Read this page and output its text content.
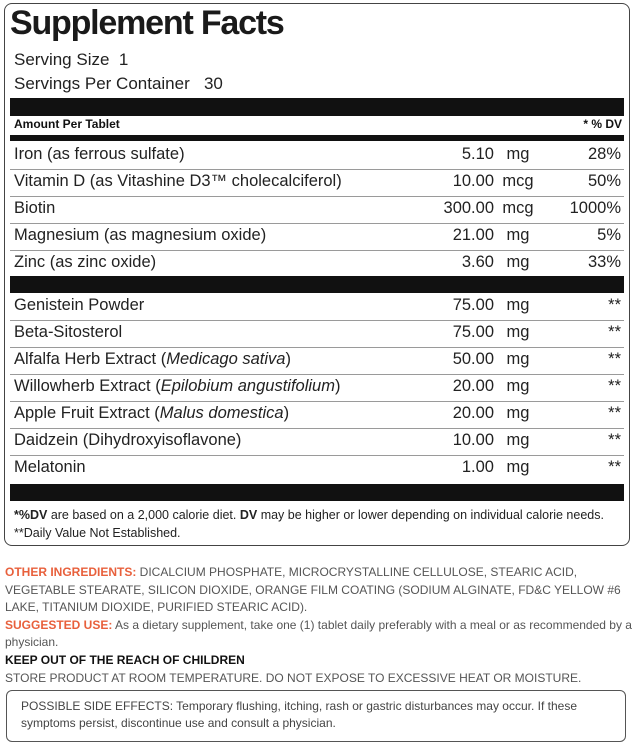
Supplement Facts
Serving Size 1
Servings Per Container 30
Amount Per Tablet	* % DV
Iron (as ferrous sulfate)	5.10 mg	28%
Vitamin D (as Vitashine D3™ cholecalciferol)	10.00 mcg	50%
Biotin	300.00 mcg 1000%
Magnesium (as magnesium oxide)	21.00 mg	5%
Zinc (as zinc oxide)	3.60 mg	33%
Genistein Powder	75.00 mg	**
Beta-Sitosterol	75.00 mg	**
Alfalfa Herb Extract (Medicago sativa)	50.00 mg	**
Willowherb Extract (Epilobium angustifolium)	20.00 mg	**
Apple Fruit Extract (Malus domestica)	20.00 mg	**
Daidzein (Dihydroxyisoflavone)	10.00 mg	**
Melatonin	1.00 mg	**
*%DV are based on a 2,000 calorie diet. DV may be higher or lower depending on individual calorie needs. **Daily Value Not Established.
OTHER INGREDIENTS: DICALCIUM PHOSPHATE, MICROCRYSTALLINE CELLULOSE, STEARIC ACID, VEGETABLE STEARATE, SILICON DIOXIDE, ORANGE FILM COATING (SODIUM ALGINATE, FD&C YELLOW #6 LAKE, TITANIUM DIOXIDE, PURIFIED STEARIC ACID).
SUGGESTED USE: As a dietary supplement, take one (1) tablet daily preferably with a meal or as recommended by a physician.
KEEP OUT OF THE REACH OF CHILDREN
STORE PRODUCT AT ROOM TEMPERATURE. DO NOT EXPOSE TO EXCESSIVE HEAT OR MOISTURE.
POSSIBLE SIDE EFFECTS: Temporary flushing, itching, rash or gastric disturbances may occur. If these symptoms persist, discontinue use and consult a physician.
